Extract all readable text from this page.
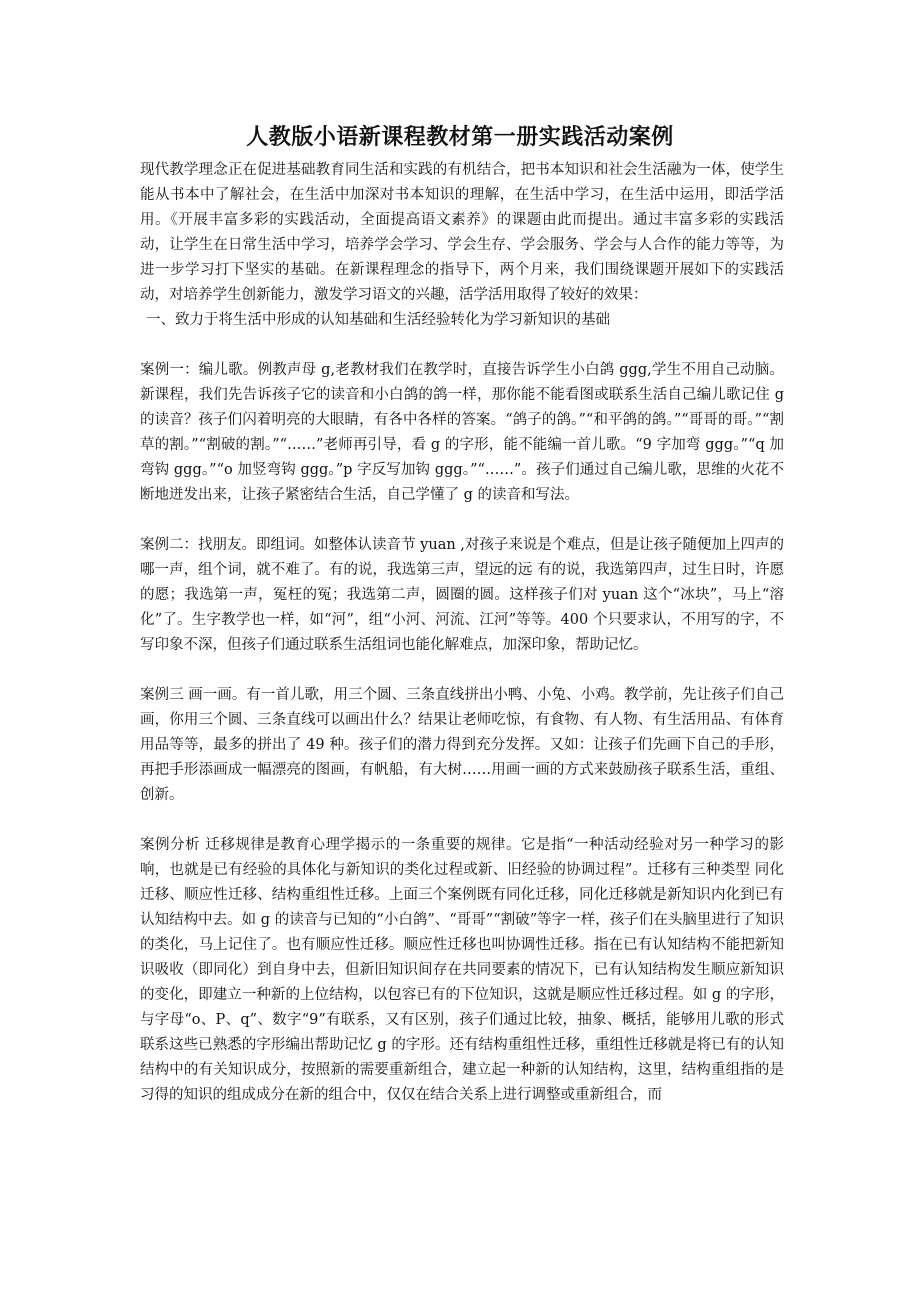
人教版小语新课程教材第一册实践活动案例

现代教学理念正在促进基础教育同生活和实践的有机结合，把书本知识和社会生活融为一体，使学生能从书本中了解社会，在生活中加深对书本知识的理解，在生活中学习，在生活中运用，即活学活用。《开展丰富多彩的实践活动，全面提高语文素养》的课题由此而提出。通过丰富多彩的实践活动，让学生在日常生活中学习，培养学会学习、学会生存、学会服务、学会与人合作的能力等等，为进一步学习打下坚实的基础。在新课程理念的指导下，两个月来，我们围绕课题开展如下的实践活动，对培养学生创新能力，激发学习语文的兴趣，活学活用取得了较好的效果：

一、致力于将生活中形成的认知基础和生活经验转化为学习新知识的基础

案例一：编儿歌。例教声母 g,老教材我们在教学时，直接告诉学生小白鸽 ggg,学生不用自己动脑。新课程，我们先告诉孩子它的读音和小白鸽的鸽一样，那你能不能看图或联系生活自己编儿歌记住 g 的读音？孩子们闪着明亮的大眼睛，有各中各样的答案。“鸽子的鸽。”“和平鸽的鸽。”“哥哥的哥。”“割草的割。”“割破的割。”“……”老师再引导，看 g 的字形，能不能编一首儿歌。“9 字加弯 ggg。”“q 加弯钩 ggg。”“o 加竖弯钩 ggg。”p 字反写加钩 ggg。”“……”。孩子们通过自己编儿歌，思维的火花不断地迸发出来，让孩子紧密结合生活，自己学懂了 g 的读音和写法。

案例二：找朋友。即组词。如整体认读音节 yuan ,对孩子来说是个难点，但是让孩子随便加上四声的哪一声，组个词，就不难了。有的说，我选第三声，望远的远 有的说，我选第四声，过生日时，许愿的愿；我选第一声，冤枉的冤；我选第二声，圆圈的圆。这样孩子们对 yuan 这个“冰块”，马上“溶化”了。生字教学也一样，如“河”，组“小河、河流、江河”等等。400 个只要求认，不用写的字，不写印象不深，但孩子们通过联系生活组词也能化解难点，加深印象，帮助记忆。

案例三 画一画。有一首儿歌，用三个圆、三条直线拼出小鸭、小兔、小鸡。教学前，先让孩子们自己画，你用三个圆、三条直线可以画出什么？结果让老师吃惊，有食物、有人物、有生活用品、有体育用品等等，最多的拼出了 49 种。孩子们的潜力得到充分发挥。又如：让孩子们先画下自己的手形，再把手形添画成一幅漂亮的图画，有帆船，有大树……用画一画的方式来鼓励孩子联系生活，重组、创新。

案例分析 迁移规律是教育心理学揭示的一条重要的规律。它是指“一种活动经验对另一种学习的影响，也就是已有经验的具体化与新知识的类化过程或新、旧经验的协调过程”。迁移有三种类型 同化迁移、顺应性迁移、结构重组性迁移。上面三个案例既有同化迁移，同化迁移就是新知识内化到已有认知结构中去。如 g 的读音与已知的“小白鸽”、“哥哥”“割破”等字一样，孩子们在头脑里进行了知识的类化，马上记住了。也有顺应性迁移。顺应性迁移也叫协调性迁移。指在已有认知结构不能把新知识吸收（即同化）到自身中去，但新旧知识间存在共同要素的情况下，已有认知结构发生顺应新知识的变化，即建立一种新的上位结构，以包容已有的下位知识，这就是顺应性迁移过程。如 g 的字形，与字母“o、P、q”、数字“9”有联系，又有区别，孩子们通过比较，抽象、概括，能够用儿歌的形式联系这些已熟悉的字形编出帮助记忆 g 的字形。还有结构重组性迁移，重组性迁移就是将已有的认知结构中的有关知识成分，按照新的需要重新组合，建立起一种新的认知结构，这里，结构重组指的是习得的知识的组成成分在新的组合中，仅仅在结合关系上进行调整或重新组合，而
